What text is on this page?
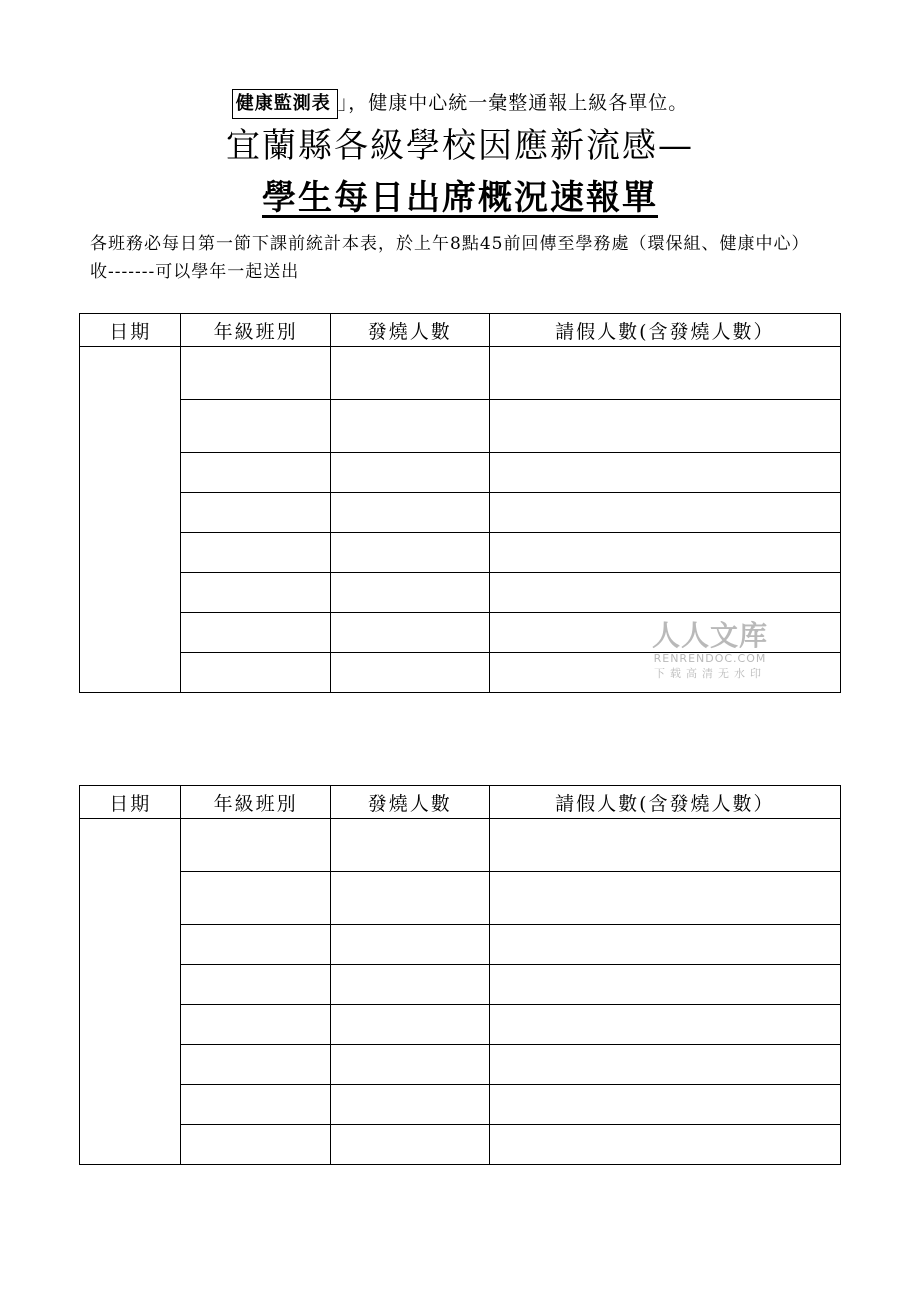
健康監測表 」，健康中心統一彙整通報上級各單位。
宜蘭縣各級學校因應新流感—
學生每日出席概況速報單
各班務必每日第一節下課前統計本表，於上午8點45前回傳至學務處（環保組、健康中心）收-------可以學年一起送出
日期	年級班別	發燒人數	請假人數(含發燒人數）

日期	年級班別	發燒人數	請假人數(含發燒人數）

人人文库
RENRENDOC.COM
下载高清无水印
